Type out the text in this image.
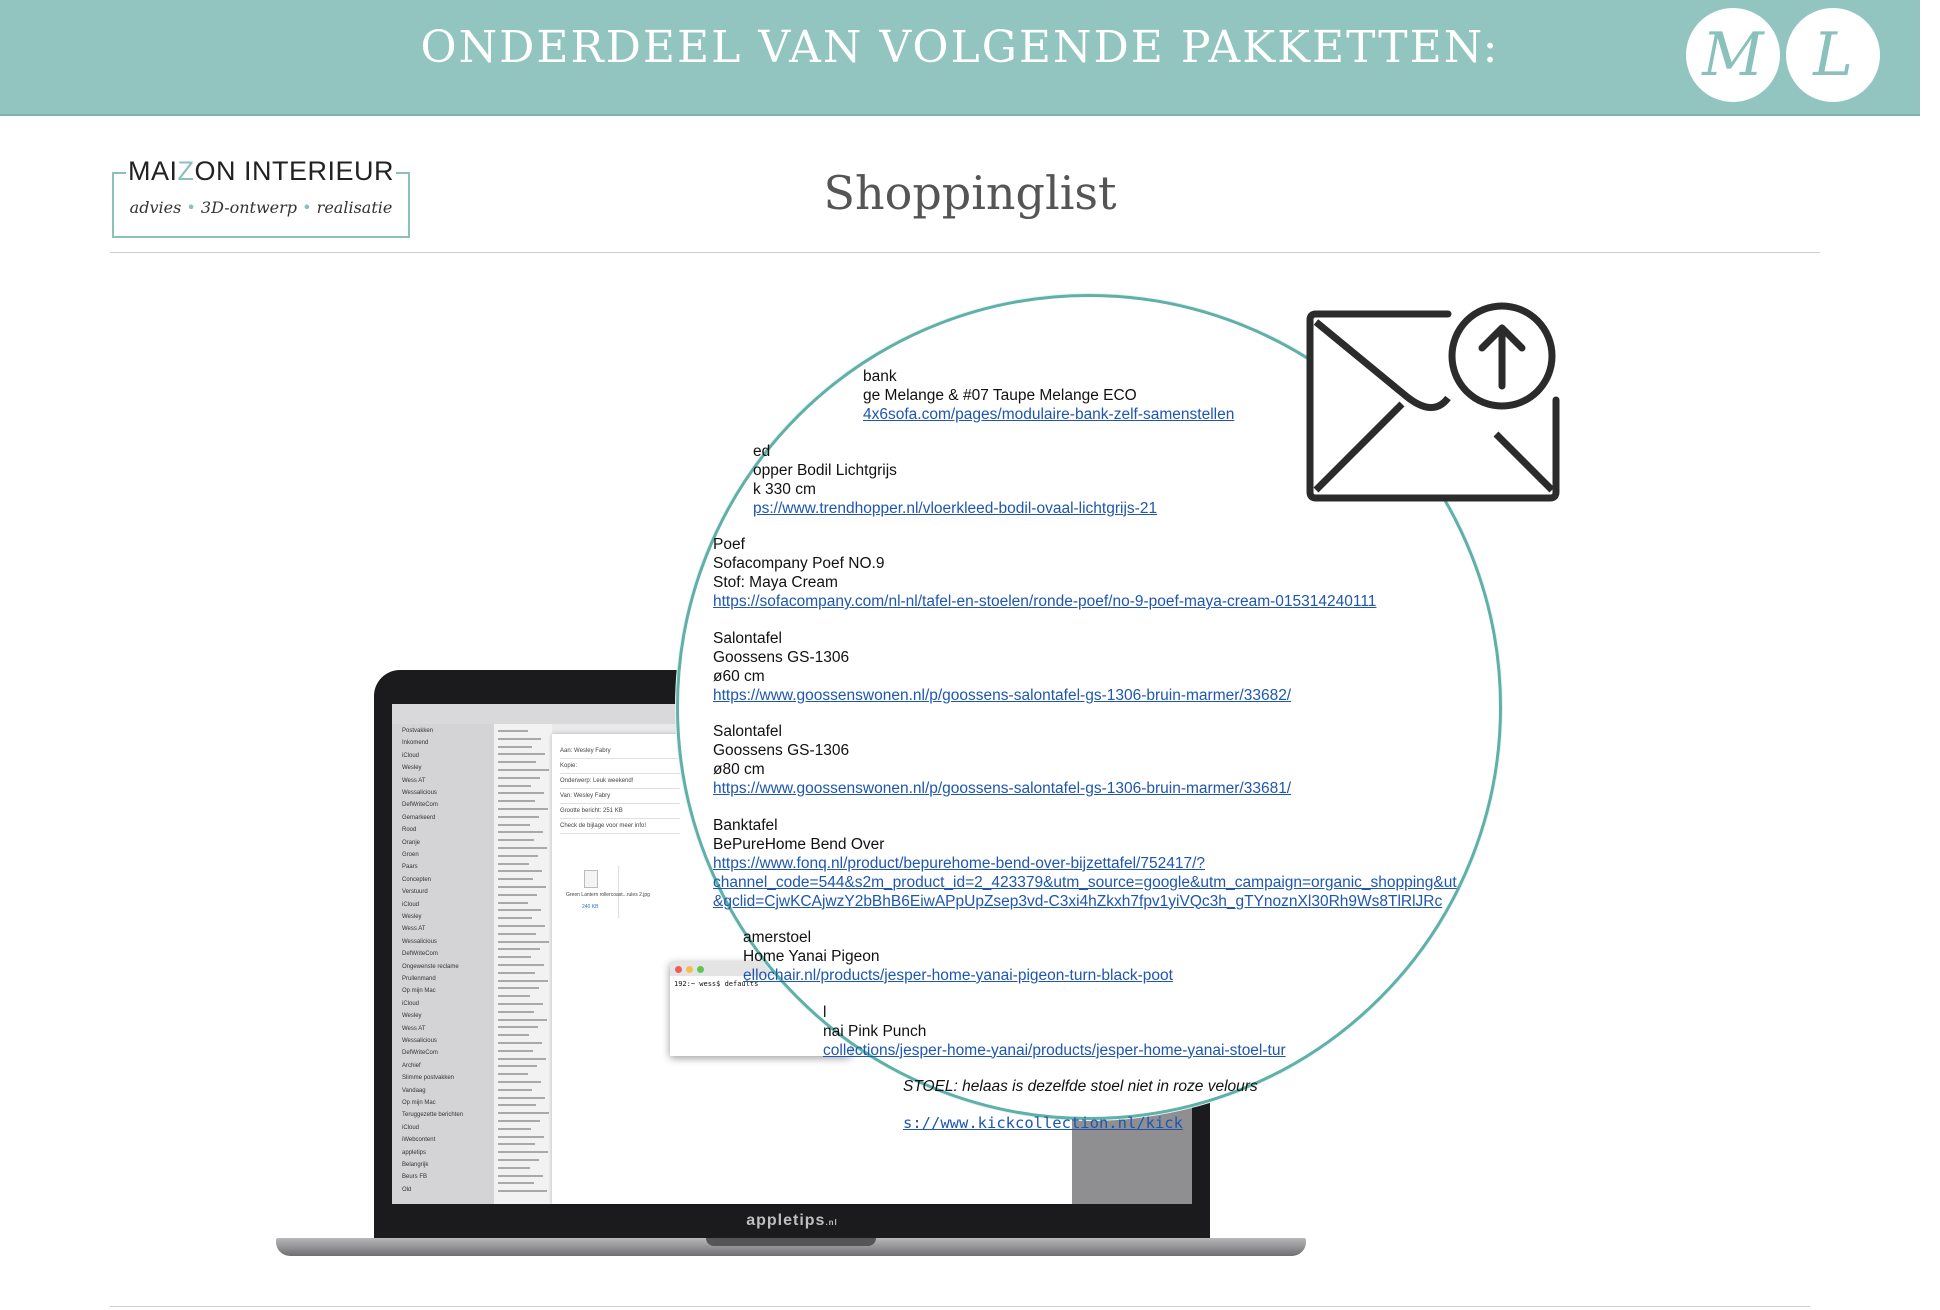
ONDERDEEL VAN VOLGENDE PAKKETTEN:	M L
MAIZON INTERIEUR
advies • 3D-ontwerp • realisatie	Shoppinglist
Postvakken
Inkomend
iCloud
Wesley
Wess AT
Wessalicious
DefWriteCom
Gemarkeerd
Rood
Oranje
Groen
Paars
Concepten
Verstuurd
iCloud
Wesley
Wess AT
Wessalicious
DefWriteCom
Ongewenste reclame
Prullenmand
Op mijn Mac
iCloud
Wesley
Wess AT
Wessalicious
DefWriteCom
Archief
Slimme postvakken
Vandaag
Op mijn Mac
Teruggezette berichten
iCloud
iWebcontent
appletips
Belangrijk
Beurs FB
Old
Green Lantern rollercoast...rules 2.jpg
240 KB
Aan: Wesley Fabry
Kopie:
Onderwerp: Leuk weekend!
Van: Wesley Fabry
Grootte bericht: 251 KB
Check de bijlage voor meer info!
192:~ wess$ defaults
appletips.nl
bank
ge Melange & #07 Taupe Melange ECO
4x6sofa.com/pages/modulaire-bank-zelf-samenstellen
ed
opper Bodil Lichtgrijs
k 330 cm
ps://www.trendhopper.nl/vloerkleed-bodil-ovaal-lichtgrijs-21
Poef
Sofacompany Poef NO.9
Stof: Maya Cream
https://sofacompany.com/nl-nl/tafel-en-stoelen/ronde-poef/no-9-poef-maya-cream-015314240111
Salontafel
Goossens GS-1306
ø60 cm
https://www.goossenswonen.nl/p/goossens-salontafel-gs-1306-bruin-marmer/33682/
Salontafel
Goossens GS-1306
ø80 cm
https://www.goossenswonen.nl/p/goossens-salontafel-gs-1306-bruin-marmer/33681/
Banktafel
BePureHome Bend Over
https://www.fonq.nl/product/bepurehome-bend-over-bijzettafel/752417/?
channel_code=544&s2m_product_id=2_423379&utm_source=google&utm_campaign=organic_shopping&ut
&gclid=CjwKCAjwzY2bBhB6EiwAPpUpZsep3vd-C3xi4hZkxh7fpv1yiVQc3h_gTYnoznXl30Rh9Ws8TlRlJRc
amerstoel
Home Yanai Pigeon
ellochair.nl/products/jesper-home-yanai-pigeon-turn-black-poot
l
nai Pink Punch
collections/jesper-home-yanai/products/jesper-home-yanai-stoel-tur
STOEL: helaas is dezelfde stoel niet in roze velours
s://www.kickcollection.nl/kick
